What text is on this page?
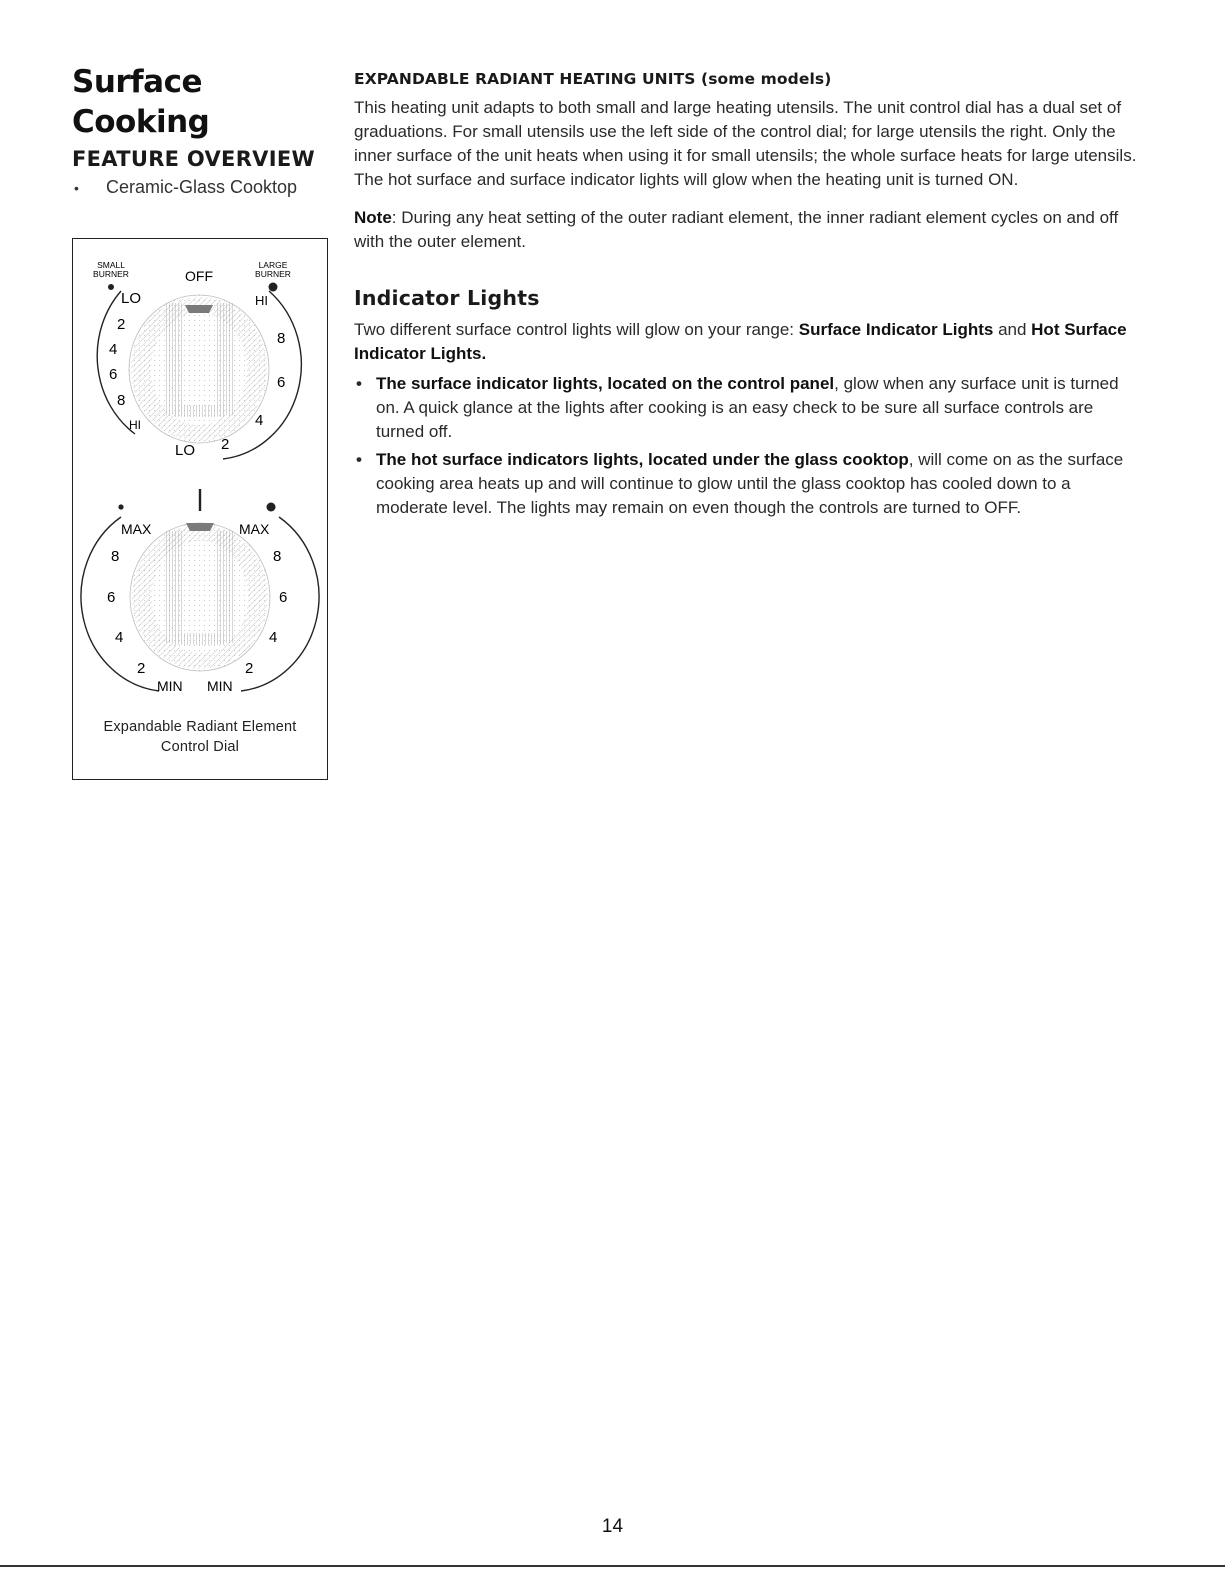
Surface
Cooking
FEATURE OVERVIEW
•	Ceramic-Glass Cooktop
SMALL
BURNER	OFF
LARGE
BURNER
LO 2 4 6 8 HI HI 8 6 4 2 LO
MAX 8 6 4 2 MIN MAX 8 6 4 2 MIN
Expandable Radiant Element
Control Dial
EXPANDABLE RADIANT HEATING UNITS (some models)

This heating unit adapts to both small and large heating utensils. The unit control dial has a dual set of graduations. For small utensils use the left side of the control dial; for large utensils the right. Only the inner surface of the unit heats when using it for small utensils; the whole surface heats for large utensils. The hot surface and surface indicator lights will glow when the heating unit is turned ON.

Note: During any heat setting of the outer radiant element, the inner radiant element cycles on and off with the outer element.

Indicator Lights

Two different surface control lights will glow on your range: Surface Indicator Lights and Hot Surface Indicator Lights.

• The surface indicator lights, located on the control panel, glow when any surface unit is turned on. A quick glance at the lights after cooking is an easy check to be sure all surface controls are turned off.
• The hot surface indicators lights, located under the glass cooktop, will come on as the surface cooking area heats up and will continue to glow until the glass cooktop has cooled down to a moderate level. The lights may remain on even though the controls are turned to OFF.
14
